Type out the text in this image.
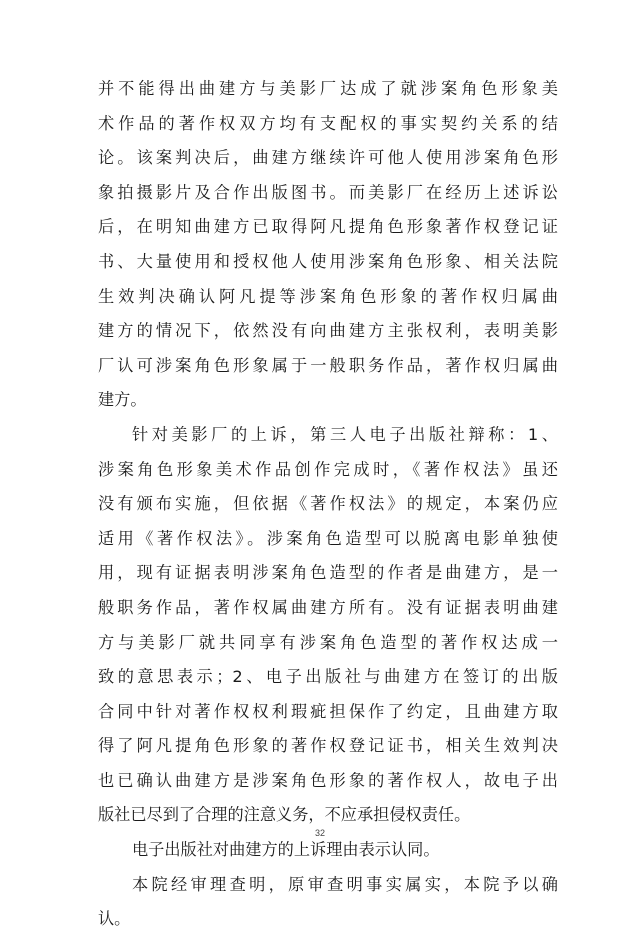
并不能得出曲建方与美影厂达成了就涉案角色形象美
术作品的著作权双方均有支配权的事实契约关系的结
论。该案判决后，曲建方继续许可他人使用涉案角色形
象拍摄影片及合作出版图书。而美影厂在经历上述诉讼
后，在明知曲建方已取得阿凡提角色形象著作权登记证
书、大量使用和授权他人使用涉案角色形象、相关法院
生效判决确认阿凡提等涉案角色形象的著作权归属曲
建方的情况下，依然没有向曲建方主张权利，表明美影
厂认可涉案角色形象属于一般职务作品，著作权归属曲
建方。
针对美影厂的上诉，第三人电子出版社辩称：1、
涉案角色形象美术作品创作完成时，《著作权法》虽还
没有颁布实施，但依据《著作权法》的规定，本案仍应
适用《著作权法》。涉案角色造型可以脱离电影单独使
用，现有证据表明涉案角色造型的作者是曲建方，是一
般职务作品，著作权属曲建方所有。没有证据表明曲建
方与美影厂就共同享有涉案角色造型的著作权达成一
致的意思表示；2、电子出版社与曲建方在签订的出版
合同中针对著作权权利瑕疵担保作了约定，且曲建方取
得了阿凡提角色形象的著作权登记证书，相关生效判决
也已确认曲建方是涉案角色形象的著作权人，故电子出
版社已尽到了合理的注意义务，不应承担侵权责任。
电子出版社对曲建方的上诉理由表示认同。
本院经审理查明，原审查明事实属实，本院予以确
认。
32
